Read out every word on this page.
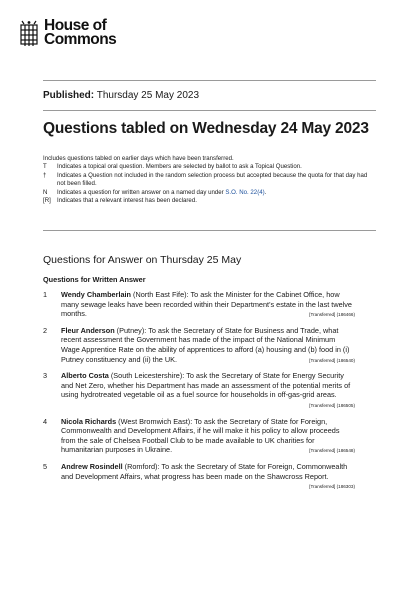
House of
Commons
Published: Thursday 25 May 2023
Questions tabled on Wednesday 24 May 2023
Includes questions tabled on earlier days which have been transferred.
T	Indicates a topical oral question. Members are selected by ballot to ask a Topical Question.
†	Indicates a Question not included in the random selection process but accepted because the quota for that day had not been filled.
N	Indicates a question for written answer on a named day under S.O. No. 22(4).
[R]	Indicates that a relevant interest has been declared.
Questions for Answer on Thursday 25 May
Questions for Written Answer
1	Wendy Chamberlain (North East Fife): To ask the Minister for the Cabinet Office, how many sewage leaks have been recorded within their Department's estate in the last twelve months.	[Transferred] (186466)
2	Fleur Anderson (Putney): To ask the Secretary of State for Business and Trade, what recent assessment the Government has made of the impact of the National Minimum Wage Apprentice Rate on the ability of apprentices to afford (a) housing and (b) food in (i) Putney constituency and (ii) the UK.	[Transferred] (186540)
3	Alberto Costa (South Leicestershire): To ask the Secretary of State for Energy Security and Net Zero, whether his Department has made an assessment of the potential merits of using hydrotreated vegetable oil as a fuel source for households in off-gas-grid areas.
[Transferred] (186505)
4	Nicola Richards (West Bromwich East): To ask the Secretary of State for Foreign, Commonwealth and Development Affairs, if he will make it his policy to allow proceeds from the sale of Chelsea Football Club to be made available to UK charities for humanitarian purposes in Ukraine.	[Transferred] (186548)
5	Andrew Rosindell (Romford): To ask the Secretary of State for Foreign, Commonwealth and Development Affairs, what progress has been made on the Shawcross Report.
[Transferred] (186303)
